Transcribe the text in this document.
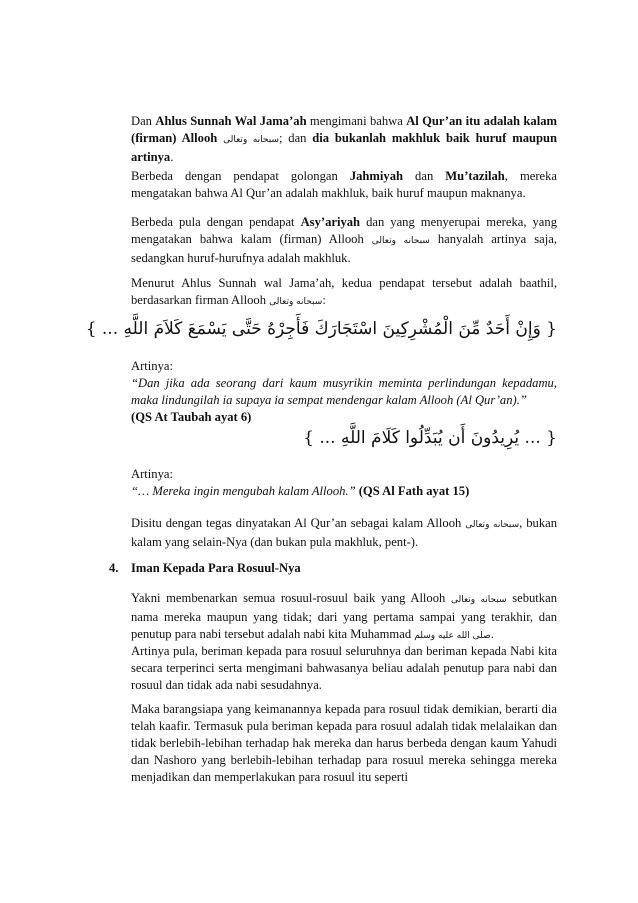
Dan Ahlus Sunnah Wal Jama’ah mengimani bahwa Al Qur’an itu adalah kalam (firman) Allooh سبحانه وتعالى; dan dia bukanlah makhluk baik huruf maupun artinya.

Berbeda dengan pendapat golongan Jahmiyah dan Mu’tazilah, mereka mengatakan bahwa Al Qur’an adalah makhluk, baik huruf maupun maknanya.

Berbeda pula dengan pendapat Asy’ariyah dan yang menyerupai mereka, yang mengatakan bahwa kalam (firman) Allooh سبحانه وتعالى hanyalah artinya saja, sedangkan huruf-hurufnya adalah makhluk.

Menurut Ahlus Sunnah wal Jama’ah, kedua pendapat tersebut adalah baathil, berdasarkan firman Allooh سبحانه وتعالى:

{ وَإِنْ أَحَدٌ مِّنَ الْمُشْرِكِينَ اسْتَجَارَكَ فَأَجِرْهُ حَتَّى يَسْمَعَ كَلاَمَ اللَّهِ ... }

Artinya:

“Dan jika ada seorang dari kaum musyrikin meminta perlindungan kepadamu, maka lindungilah ia supaya ia sempat mendengar kalam Allooh (Al Qur’an).”

(QS At Taubah ayat 6)

{ ... يُرِيدُونَ أَن يُبَدِّلُوا كَلَامَ اللَّهِ ... }

Artinya:

“… Mereka ingin mengubah kalam Allooh.” (QS Al Fath ayat 15)

Disitu dengan tegas dinyatakan Al Qur’an sebagai kalam Allooh سبحانه وتعالى, bukan kalam yang selain-Nya (dan bukan pula makhluk, pent-).

4. Iman Kepada Para Rosuul-Nya

Yakni membenarkan semua rosuul-rosuul baik yang Allooh سبحانه وتعالى sebutkan nama mereka maupun yang tidak; dari yang pertama sampai yang terakhir, dan penutup para nabi tersebut adalah nabi kita Muhammad صلى الله عليه وسلم.

Artinya pula, beriman kepada para rosuul seluruhnya dan beriman kepada Nabi kita secara terperinci serta mengimani bahwasanya beliau adalah penutup para nabi dan rosuul dan tidak ada nabi sesudahnya.

Maka barangsiapa yang keimanannya kepada para rosuul tidak demikian, berarti dia telah kaafir. Termasuk pula beriman kepada para rosuul adalah tidak melalaikan dan tidak berlebih-lebihan terhadap hak mereka dan harus berbeda dengan kaum Yahudi dan Nashoro yang berlebih-lebihan terhadap para rosuul mereka sehingga mereka menjadikan dan memperlakukan para rosuul itu seperti
